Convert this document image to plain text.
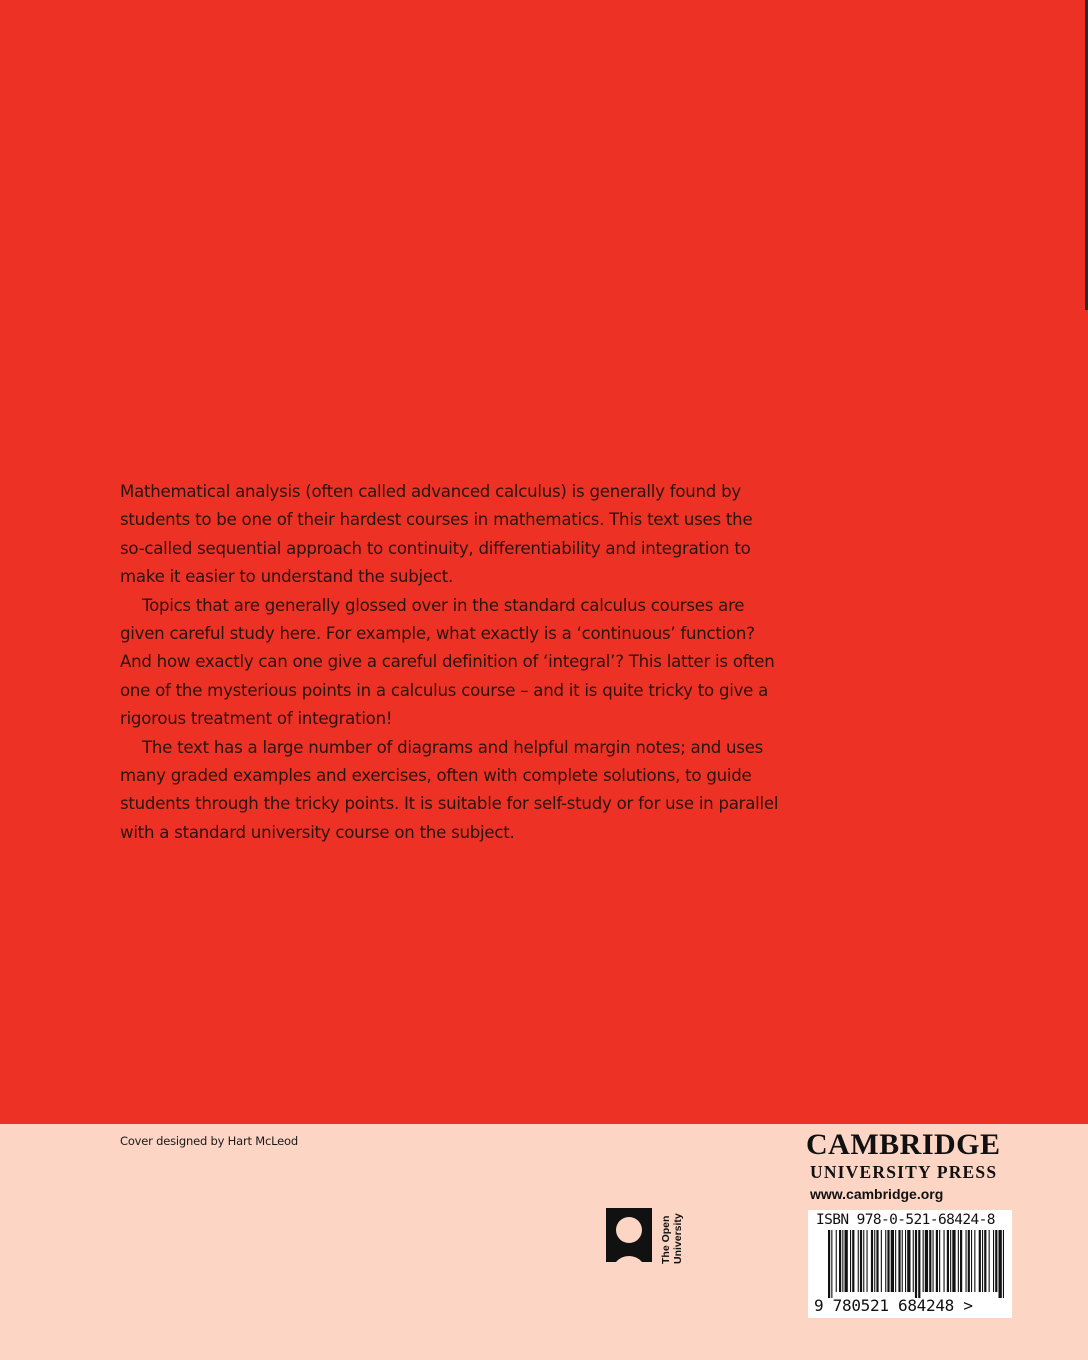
Mathematical analysis (often called advanced calculus) is generally found by students to be one of their hardest courses in mathematics. This text uses the so-called sequential approach to continuity, differentiability and integration to make it easier to understand the subject.

Topics that are generally glossed over in the standard calculus courses are given careful study here. For example, what exactly is a ‘continuous’ function? And how exactly can one give a careful definition of ‘integral’? This latter is often one of the mysterious points in a calculus course – and it is quite tricky to give a rigorous treatment of integration!

The text has a large number of diagrams and helpful margin notes; and uses many graded examples and exercises, often with complete solutions, to guide students through the tricky points. It is suitable for self-study or for use in parallel with a standard university course on the subject.

Cover designed by Hart McLeod
The Open University
CAMBRIDGE
UNIVERSITY PRESS
www.cambridge.org
ISBN 978-0-521-68424-8
9 780521 684248 >
